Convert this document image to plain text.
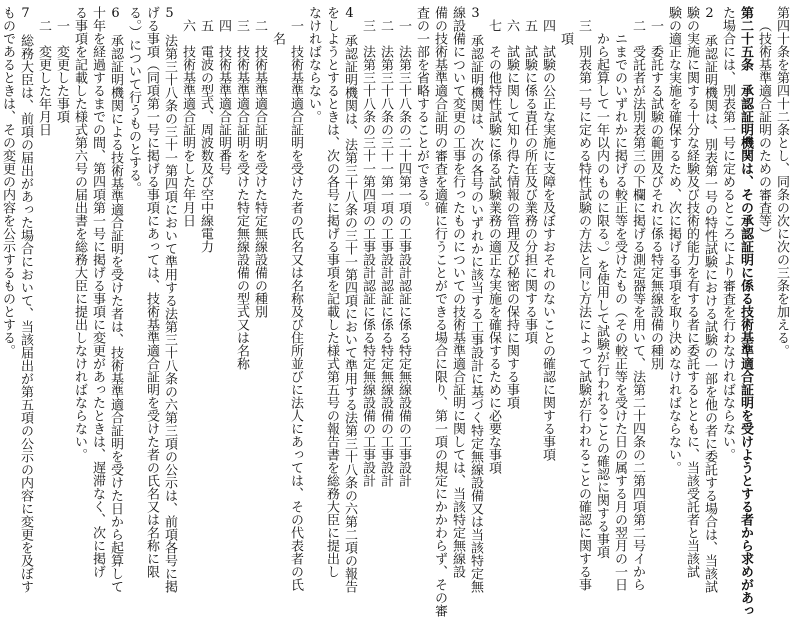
第四十条を第四十二条とし、同条の次に次の三条を加える。
（技術基準適合証明のための審査等）
第二十五条　承認証明機関は、その承認証明に係る技術基準適合証明を受けようとする者から求めがあっ
た場合には、別表第一号に定めるところにより審査を行わなければならない。
2　承認証明機関は、別表第一号の特性試験における試験の一部を他の者に委託する場合は、当該試
験の実施に関する十分な経験及び技術的能力を有する者に委託するとともに、当該受託者と当該試
験の適正な実施を確保するため、次に掲げる事項を取り決めなければならない。
一　委託する試験の範囲及びそれに係る特定無線設備の種別
二　受託者が法別表第三の下欄に掲げる測定器等を用いて、法第二十四条の二第四項第二号イから
ニまでのいずれかに掲げる較正等を受けたもの（その較正等を受けた日の属する月の翌月の一日
から起算して一年以内のものに限る。）を使用して試験が行われることの確認に関する事項
三　別表第一号に定める特性試験の方法と同じ方法によって試験が行われることの確認に関する事
項
四　試験の公正な実施に支障を及ぼすおそれのないことの確認に関する事項
五　試験に係る責任の所在及び業務の分担に関する事項
六　試験に関して知り得た情報の管理及び秘密の保持に関する事項
七　その他特性試験に係る試験業務の適正な実施を確保するために必要な事項
3　承認証明機関は、次の各号のいずれかに該当する工事設計に基づく特定無線設備又は当該特定無
線設備について変更の工事を行ったものについての技術基準適合証明に関しては、当該特定無線設
備の技術基準適合証明の審査を適確に行うことができる場合に限り、第一項の規定にかかわらず、その審
査の一部を省略することができる。
一　法第三十八条の二十四第一項の工事設計認証に係る特定無線設備の工事設計
二　法第三十八条の三十一第一項の工事設計認証に係る特定無線設備の工事設計
三　法第三十八条の三十一第四項の工事設計認証に係る特定無線設備の工事設計
4　承認証明機関は、法第三十八条の三十一第四項において準用する法第三十八条の六第二項の報告
をしようとするときは、次の各号に掲げる事項を記載した様式第五号の報告書を総務大臣に提出し
なければならない。
一　技術基準適合証明を受けた者の氏名又は名称及び住所並びに法人にあっては、その代表者の氏
名
二　技術基準適合証明を受けた特定無線設備の種別
三　技術基準適合証明を受けた特定無線設備の型式又は名称
四　技術基準適合証明番号
五　電波の型式、周波数及び空中線電力
六　技術基準適合証明をした年月日
5　法第三十八条の三十一第四項において準用する法第三十八条の六第三項の公示は、前項各号に掲
げる事項（同項第一号に掲げる事項にあっては、技術基準適合証明を受けた者の氏名又は名称に限
る。）について行うものとする。
6　承認証明機関による技術基準適合証明を受けた者は、技術基準適合証明を受けた日から起算して
十年を経過するまでの間、第四項第一号に掲げる事項に変更があったときは、遅滞なく、次に掲げ
る事項を記載した様式第六号の届出書を総務大臣に提出しなければならない。
一　変更した事項
二　変更した年月日
7　総務大臣は、前項の届出があった場合において、当該届出が第五項の公示の内容に変更を及ぼす
ものであるときは、その変更の内容を公示するものとする。
